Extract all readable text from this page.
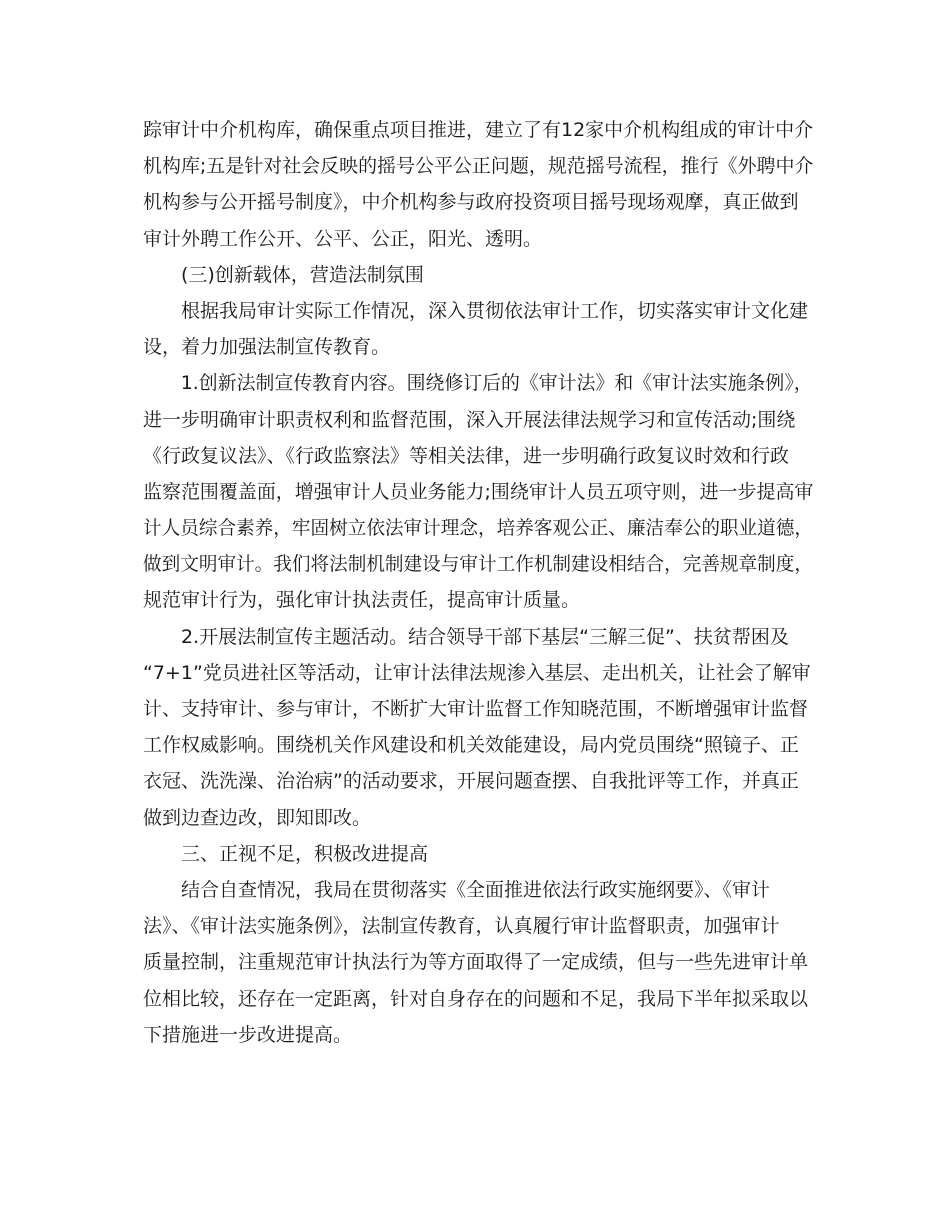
踪审计中介机构库，确保重点项目推进，建立了有12家中介机构组成的审计中介
机构库;五是针对社会反映的摇号公平公正问题，规范摇号流程，推行《外聘中介
机构参与公开摇号制度》，中介机构参与政府投资项目摇号现场观摩，真正做到
审计外聘工作公开、公平、公正，阳光、透明。
(三)创新载体，营造法制氛围
根据我局审计实际工作情况，深入贯彻依法审计工作，切实落实审计文化建
设，着力加强法制宣传教育。
1.创新法制宣传教育内容。围绕修订后的《审计法》和《审计法实施条例》，
进一步明确审计职责权利和监督范围，深入开展法律法规学习和宣传活动;围绕
《行政复议法》、《行政监察法》等相关法律，进一步明确行政复议时效和行政
监察范围覆盖面，增强审计人员业务能力;围绕审计人员五项守则，进一步提高审
计人员综合素养，牢固树立依法审计理念，培养客观公正、廉洁奉公的职业道德，
做到文明审计。我们将法制机制建设与审计工作机制建设相结合，完善规章制度，
规范审计行为，强化审计执法责任，提高审计质量。
2.开展法制宣传主题活动。结合领导干部下基层“三解三促”、扶贫帮困及
“7+1”党员进社区等活动，让审计法律法规渗入基层、走出机关，让社会了解审
计、支持审计、参与审计，不断扩大审计监督工作知晓范围，不断增强审计监督
工作权威影响。围绕机关作风建设和机关效能建设，局内党员围绕“照镜子、正
衣冠、洗洗澡、治治病”的活动要求，开展问题查摆、自我批评等工作，并真正
做到边查边改，即知即改。
三、正视不足，积极改进提高
结合自查情况，我局在贯彻落实《全面推进依法行政实施纲要》、《审计
法》、《审计法实施条例》，法制宣传教育，认真履行审计监督职责，加强审计
质量控制，注重规范审计执法行为等方面取得了一定成绩，但与一些先进审计单
位相比较，还存在一定距离，针对自身存在的问题和不足，我局下半年拟采取以
下措施进一步改进提高。
